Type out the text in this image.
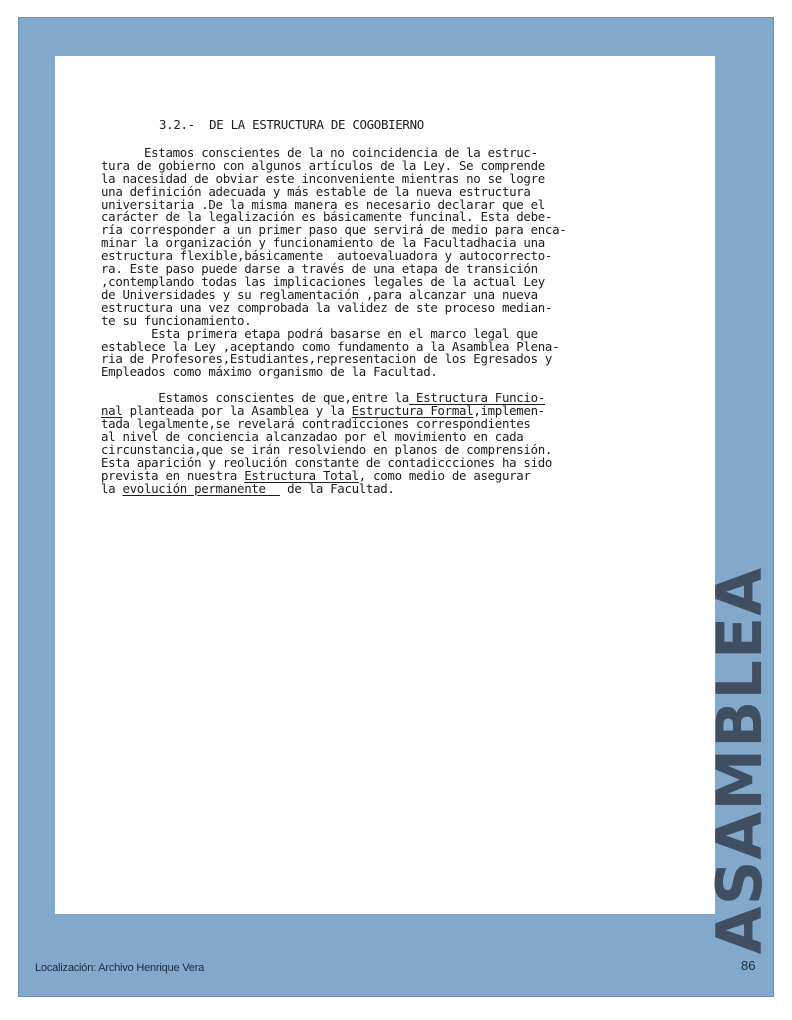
3.2.-  DE LA ESTRUCTURA DE COGOBIERNO
Estamos conscientes de la no coincidencia de la estruc-
tura de gobierno con algunos artículos de la Ley. Se comprende
la nacesidad de obviar este inconveniente mientras no se logre
una definición adecuada y más estable de la nueva estructura
universitaria .De la misma manera es necesario declarar que el
carácter de la legalización es básicamente funcinal. Esta debe-
ría corresponder a un primer paso que servirá de medio para enca-
minar la organización y funcionamiento de la Facultadhacia una
estructura flexible,básicamente  autoevaluadora y autocorrecto-
ra. Este paso puede darse a través de una etapa de transición
,contemplando todas las implicaciones legales de la actual Ley
de Universidades y su reglamentación ,para alcanzar una nueva
estructura una vez comprobada la validez de ste proceso median-
te su funcionamiento.
Esta primera etapa podrá basarse en el marco legal que
establece la Ley ,aceptando como fundamento a la Asamblea Plena-
ria de Profesores,Estudiantes,representacion de los Egresados y
Empleados como máximo organismo de la Facultad.
Estamos conscientes de que,entre la Estructura Funcio-
nal planteada por la Asamblea y la Estructura Formal,implemen-
tada legalmente,se revelará contradicciones correspondientes
al nivel de conciencia alcanzadao por el movimiento en cada
circunstancia,que se irán resolviendo en planos de comprensión.
Esta aparición y reolución constante de contadiccciones ha sido
prevista en nuestra Estructura Total, como medio de asegurar
la evolución permanente   de la Facultad.
ASAMBLEA
Localización: Archivo Henrique Vera	86
